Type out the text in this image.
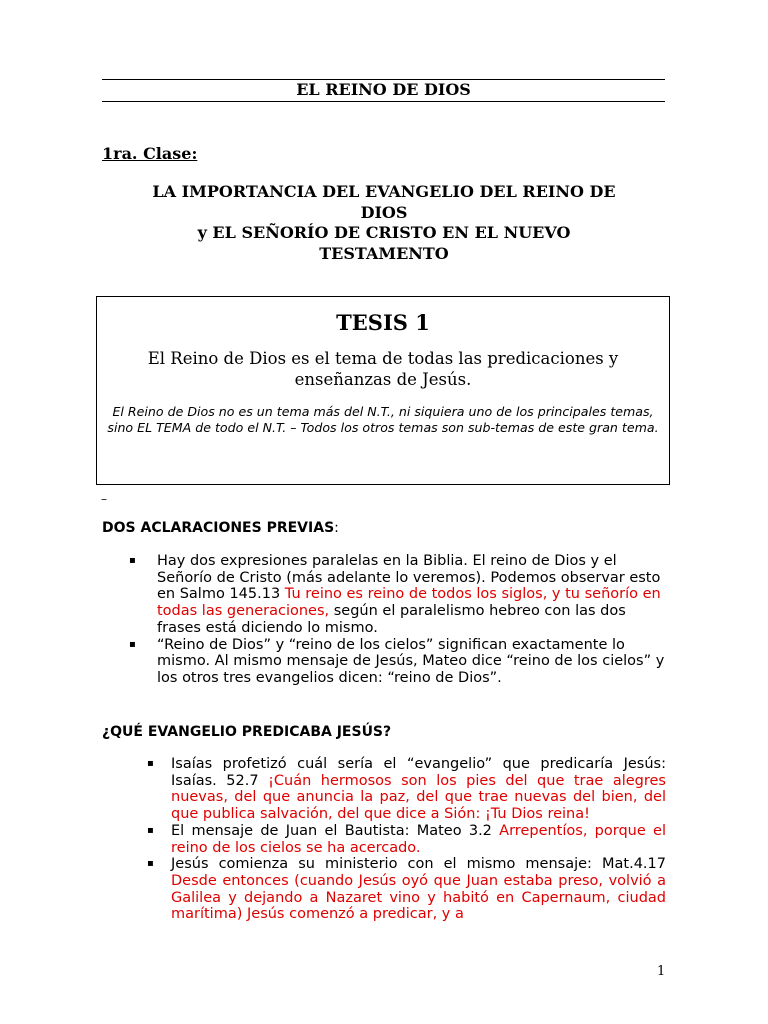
EL REINO DE DIOS
1ra. Clase:
LA IMPORTANCIA DEL EVANGELIO DEL REINO DE
DIOS
y EL SEÑORÍO DE CRISTO EN EL NUEVO
TESTAMENTO
TESIS 1
El Reino de Dios es el tema de todas las predicaciones y enseñanzas de Jesús.
El Reino de Dios no es un tema más del N.T., ni siquiera uno de los principales temas,
sino EL TEMA de todo el N.T. – Todos los otros temas son sub-temas de este gran tema.
–
DOS ACLARACIONES PREVIAS:
▪ Hay dos expresiones paralelas en la Biblia. El reino de Dios y el Señorío de Cristo (más adelante lo veremos). Podemos observar esto en Salmo 145.13 Tu reino es reino de todos los siglos, y tu señorío en todas las generaciones, según el paralelismo hebreo con las dos frases está diciendo lo mismo.
▪ “Reino de Dios” y “reino de los cielos” significan exactamente lo mismo. Al mismo mensaje de Jesús, Mateo dice “reino de los cielos” y los otros tres evangelios dicen: “reino de Dios”.
¿QUÉ EVANGELIO PREDICABA JESÚS?
▪ Isaías profetizó cuál sería el “evangelio” que predicaría Jesús: Isaías. 52.7 ¡Cuán hermosos son los pies del que trae alegres nuevas, del que anuncia la paz, del que trae nuevas del bien, del que publica salvación, del que dice a Sión: ¡Tu Dios reina!
▪ El mensaje de Juan el Bautista: Mateo 3.2 Arrepentíos, porque el reino de los cielos se ha acercado.
▪ Jesús comienza su ministerio con el mismo mensaje: Mat.4.17 Desde entonces (cuando Jesús oyó que Juan estaba preso, volvió a Galilea y dejando a Nazaret vino y habitó en Capernaum, ciudad marítima) Jesús comenzó a predicar, y a
1
